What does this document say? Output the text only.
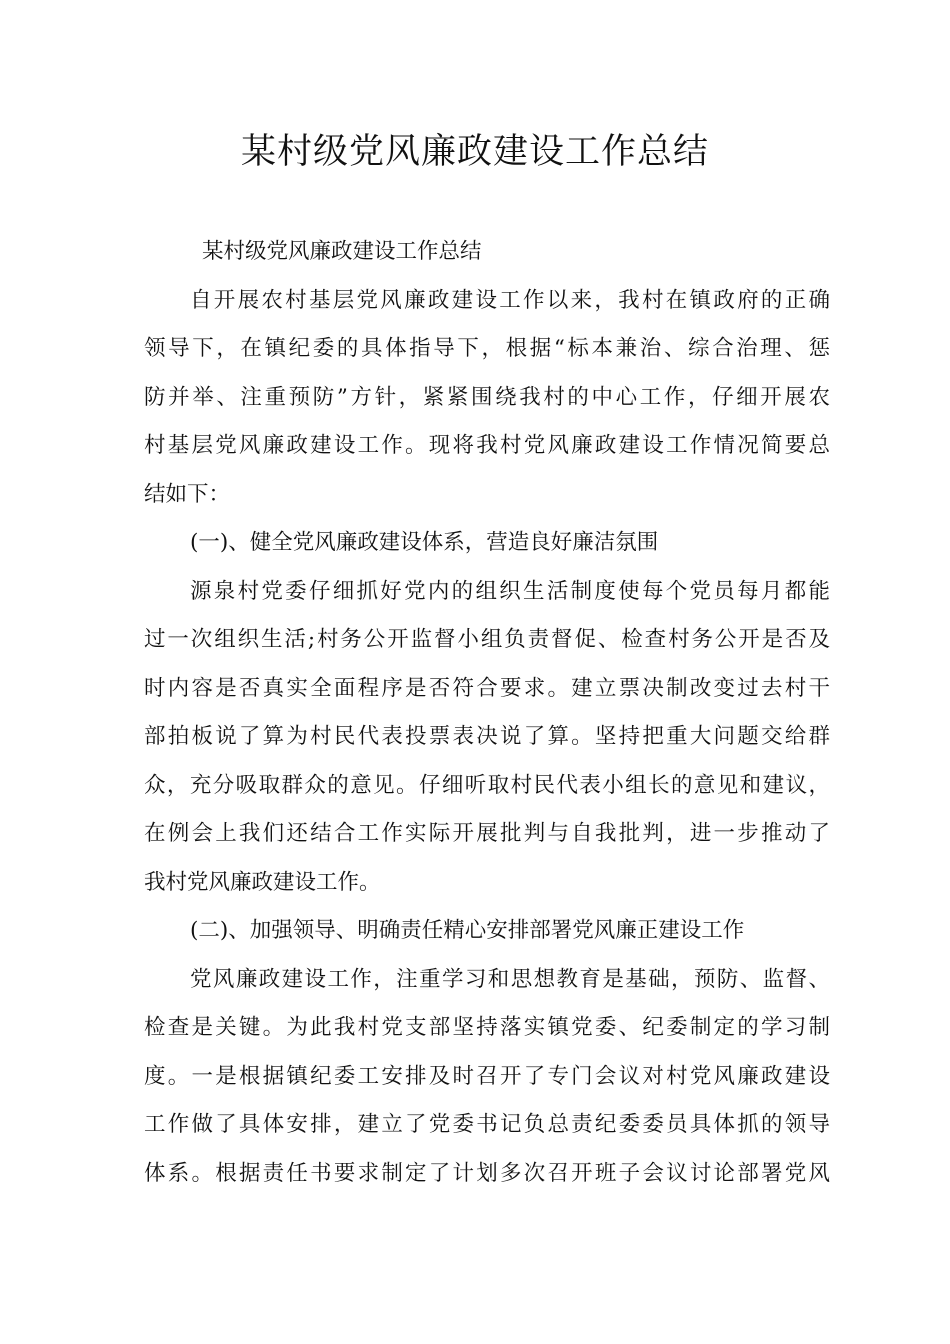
某村级党风廉政建设工作总结
某村级党风廉政建设工作总结
自开展农村基层党风廉政建设工作以来，我村在镇政府的正确
领导下，在镇纪委的具体指导下，根据“标本兼治、综合治理、惩
防并举、注重预防”方针，紧紧围绕我村的中心工作，仔细开展农
村基层党风廉政建设工作。现将我村党风廉政建设工作情况简要总
结如下：
(一)、健全党风廉政建设体系，营造良好廉洁氛围
源泉村党委仔细抓好党内的组织生活制度使每个党员每月都能
过一次组织生活;村务公开监督小组负责督促、检查村务公开是否及
时内容是否真实全面程序是否符合要求。建立票决制改变过去村干
部拍板说了算为村民代表投票表决说了算。坚持把重大问题交给群
众，充分吸取群众的意见。仔细听取村民代表小组长的意见和建议，
在例会上我们还结合工作实际开展批判与自我批判，进一步推动了
我村党风廉政建设工作。
(二)、加强领导、明确责任精心安排部署党风廉正建设工作
党风廉政建设工作，注重学习和思想教育是基础，预防、监督、
检查是关键。为此我村党支部坚持落实镇党委、纪委制定的学习制
度。一是根据镇纪委工安排及时召开了专门会议对村党风廉政建设
工作做了具体安排，建立了党委书记负总责纪委委员具体抓的领导
体系。根据责任书要求制定了计划多次召开班子会议讨论部署党风
